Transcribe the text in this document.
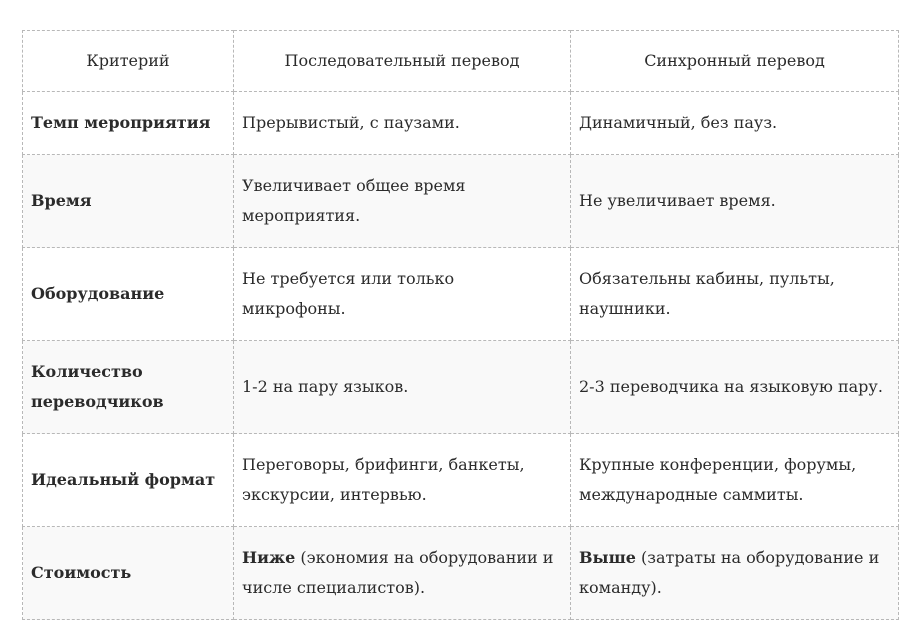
Критерий	Последовательный перевод	Синхронный перевод
Темп мероприятия	Прерывистый, с паузами.	Динамичный, без пауз.
Время	Увеличивает общее время мероприятия.	Не увеличивает время.
Оборудование	Не требуется или только микрофоны.	Обязательны кабины, пульты, наушники.
Количество переводчиков	1-2 на пару языков.	2-3 переводчика на языковую пару.
Идеальный формат	Переговоры, брифинги, банкеты, экскурсии, интервью.	Крупные конференции, форумы, международные саммиты.
Стоимость	Ниже (экономия на оборудовании и числе специалистов).	Выше (затраты на оборудование и команду).
